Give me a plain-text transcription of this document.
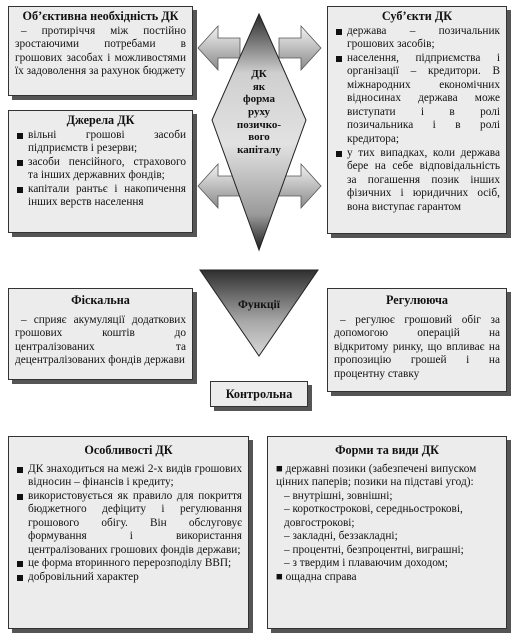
Об’єктивна необхідність ДК
– протиріччя між постійно зростаючими потребами в грошових засобах і можливостями їх задоволення за рахунок бюджету
Джерела ДК
вільні грошові засоби підприємств і резерви;
засоби пенсійного, страхового та інших державних фондів;
капітали рантьє і накопичення інших верств населення
Суб’єкти ДК
держава – позичальник грошових засобів;
населення, підприємства і організації – кредитори. В міжнародних економічних відносинах держава може виступати і в ролі позичальника і в ролі кредитора;
у тих випадках, коли держава бере на себе відповідальність за погашення позик інших фізичних і юридичних осіб, вона виступає гарантом
ДК
як
форма
руху
позичко-
вого
капіталу
Функції
Фіскальна
– сприяє акумуляції додаткових грошових коштів до централізованих та децентралізованих фондів держави
Регулююча
– регулює грошовий обіг за допомогою операцій на відкритому ринку, що впливає на пропозицію грошей і на процентну ставку
Контрольна
Особливості ДК
ДК знаходиться на межі 2-х видів грошових відносин – фінансів і кредиту;
використовується як правило для покриття бюджетного дефіциту і регулювання грошового обігу. Він обслуговує формування і використання централізованих грошових фондів держави;
це форма вторинного перерозподілу ВВП;
добровільний характер
Форми та види ДК
■ державні позики (забезпечені випуском цінних паперів; позики на підставі угод):
– внутрішні, зовнішні;
– короткострокові, середньострокові, довгострокові;
– закладні, беззакладні;
– процентні, безпроцентні, виграшні;
– з твердим і плаваючим доходом;
■ ощадна справа
